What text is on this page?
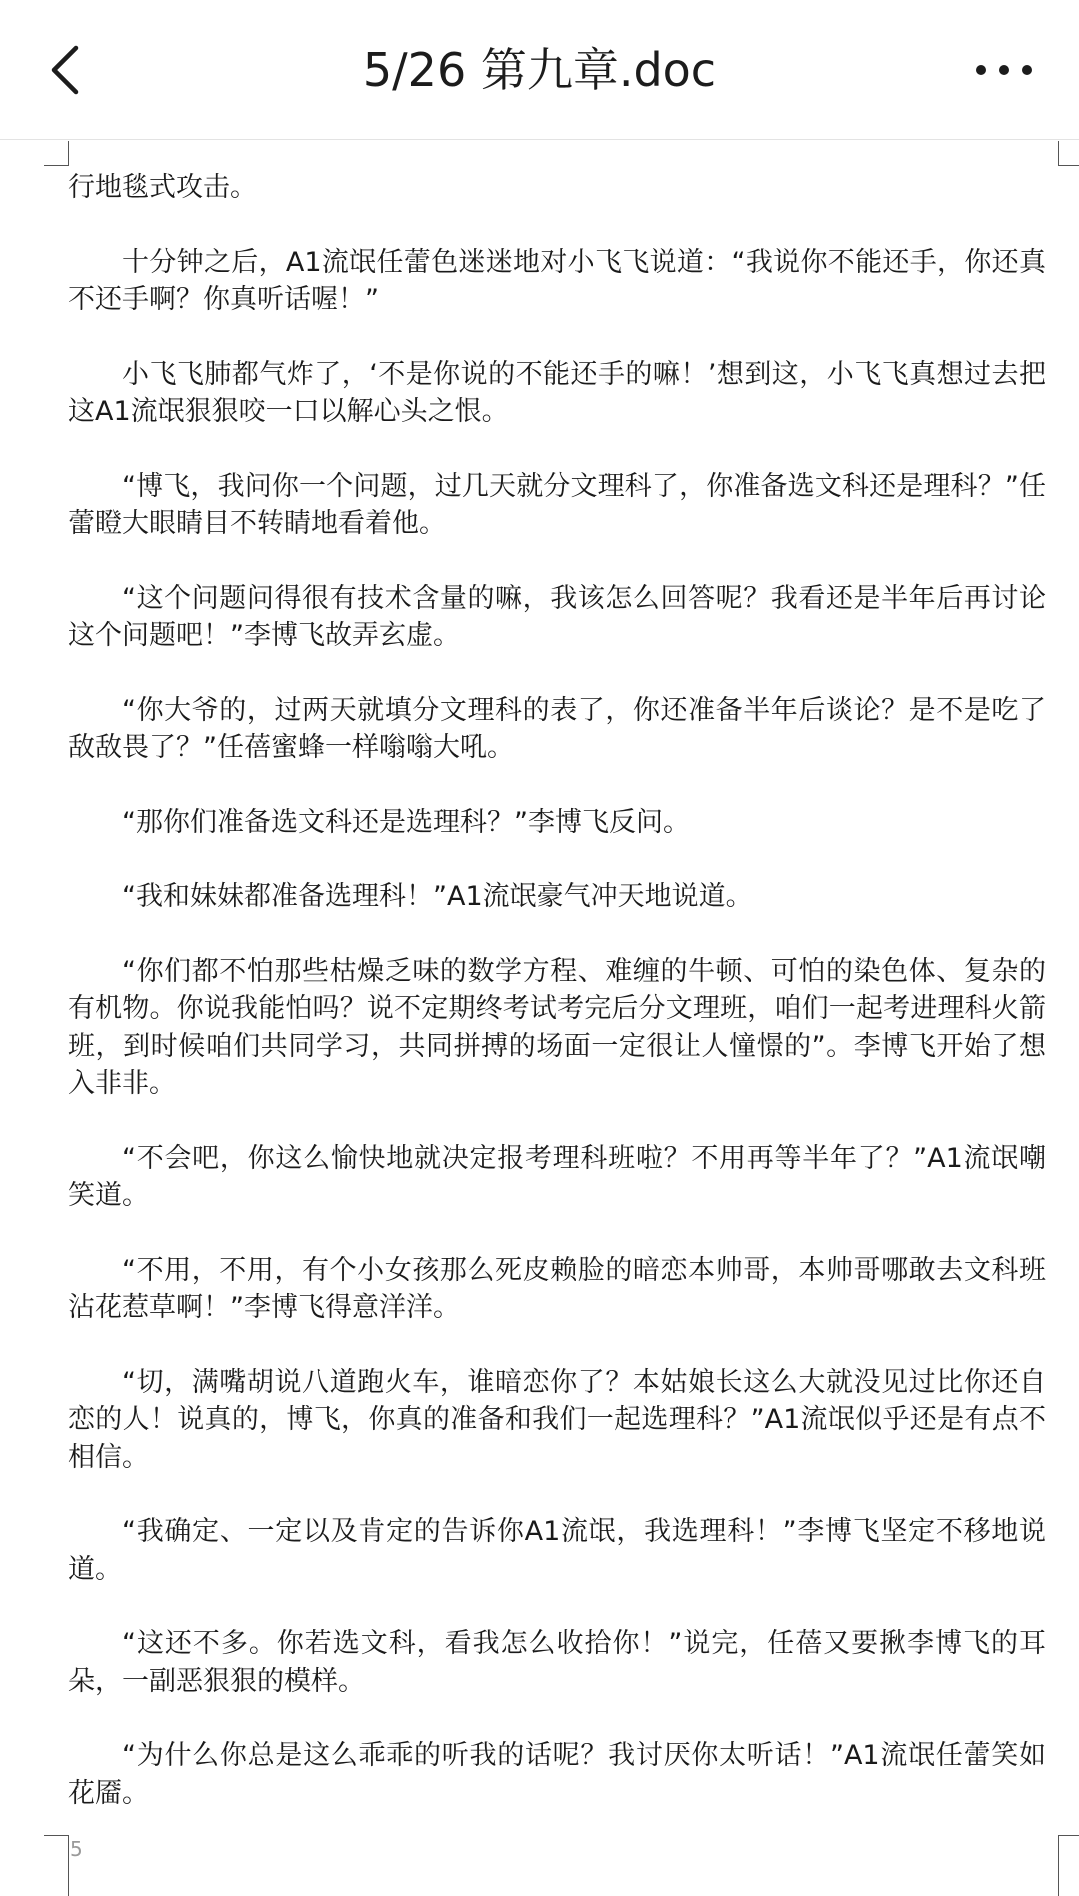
5/26 第九章.doc

行地毯式攻击。

十分钟之后，A1流氓任蕾色迷迷地对小飞飞说道：“我说你不能还手，你还真不还手啊？你真听话喔！”

小飞飞肺都气炸了，‘不是你说的不能还手的嘛！’想到这，小飞飞真想过去把这A1流氓狠狠咬一口以解心头之恨。

“博飞，我问你一个问题，过几天就分文理科了，你准备选文科还是理科？”任蕾瞪大眼睛目不转睛地看着他。

“这个问题问得很有技术含量的嘛，我该怎么回答呢？我看还是半年后再讨论这个问题吧！”李博飞故弄玄虚。

“你大爷的，过两天就填分文理科的表了，你还准备半年后谈论？是不是吃了敌敌畏了？”任蓓蜜蜂一样嗡嗡大吼。

“那你们准备选文科还是选理科？”李博飞反问。

“我和妹妹都准备选理科！”A1流氓豪气冲天地说道。

“你们都不怕那些枯燥乏味的数学方程、难缠的牛顿、可怕的染色体、复杂的有机物。你说我能怕吗？说不定期终考试考完后分文理班，咱们一起考进理科火箭班，到时候咱们共同学习，共同拼搏的场面一定很让人憧憬的”。李博飞开始了想入非非。

“不会吧，你这么愉快地就决定报考理科班啦？不用再等半年了？”A1流氓嘲笑道。

“不用，不用，有个小女孩那么死皮赖脸的暗恋本帅哥，本帅哥哪敢去文科班沾花惹草啊！”李博飞得意洋洋。

“切，满嘴胡说八道跑火车，谁暗恋你了？本姑娘长这么大就没见过比你还自恋的人！说真的，博飞，你真的准备和我们一起选理科？”A1流氓似乎还是有点不相信。

“我确定、一定以及肯定的告诉你A1流氓，我选理科！”李博飞坚定不移地说道。

“这还不多。你若选文科，看我怎么收拾你！”说完，任蓓又要揪李博飞的耳朵，一副恶狠狠的模样。

“为什么你总是这么乖乖的听我的话呢？我讨厌你太听话！”A1流氓任蕾笑如花靥。

5
